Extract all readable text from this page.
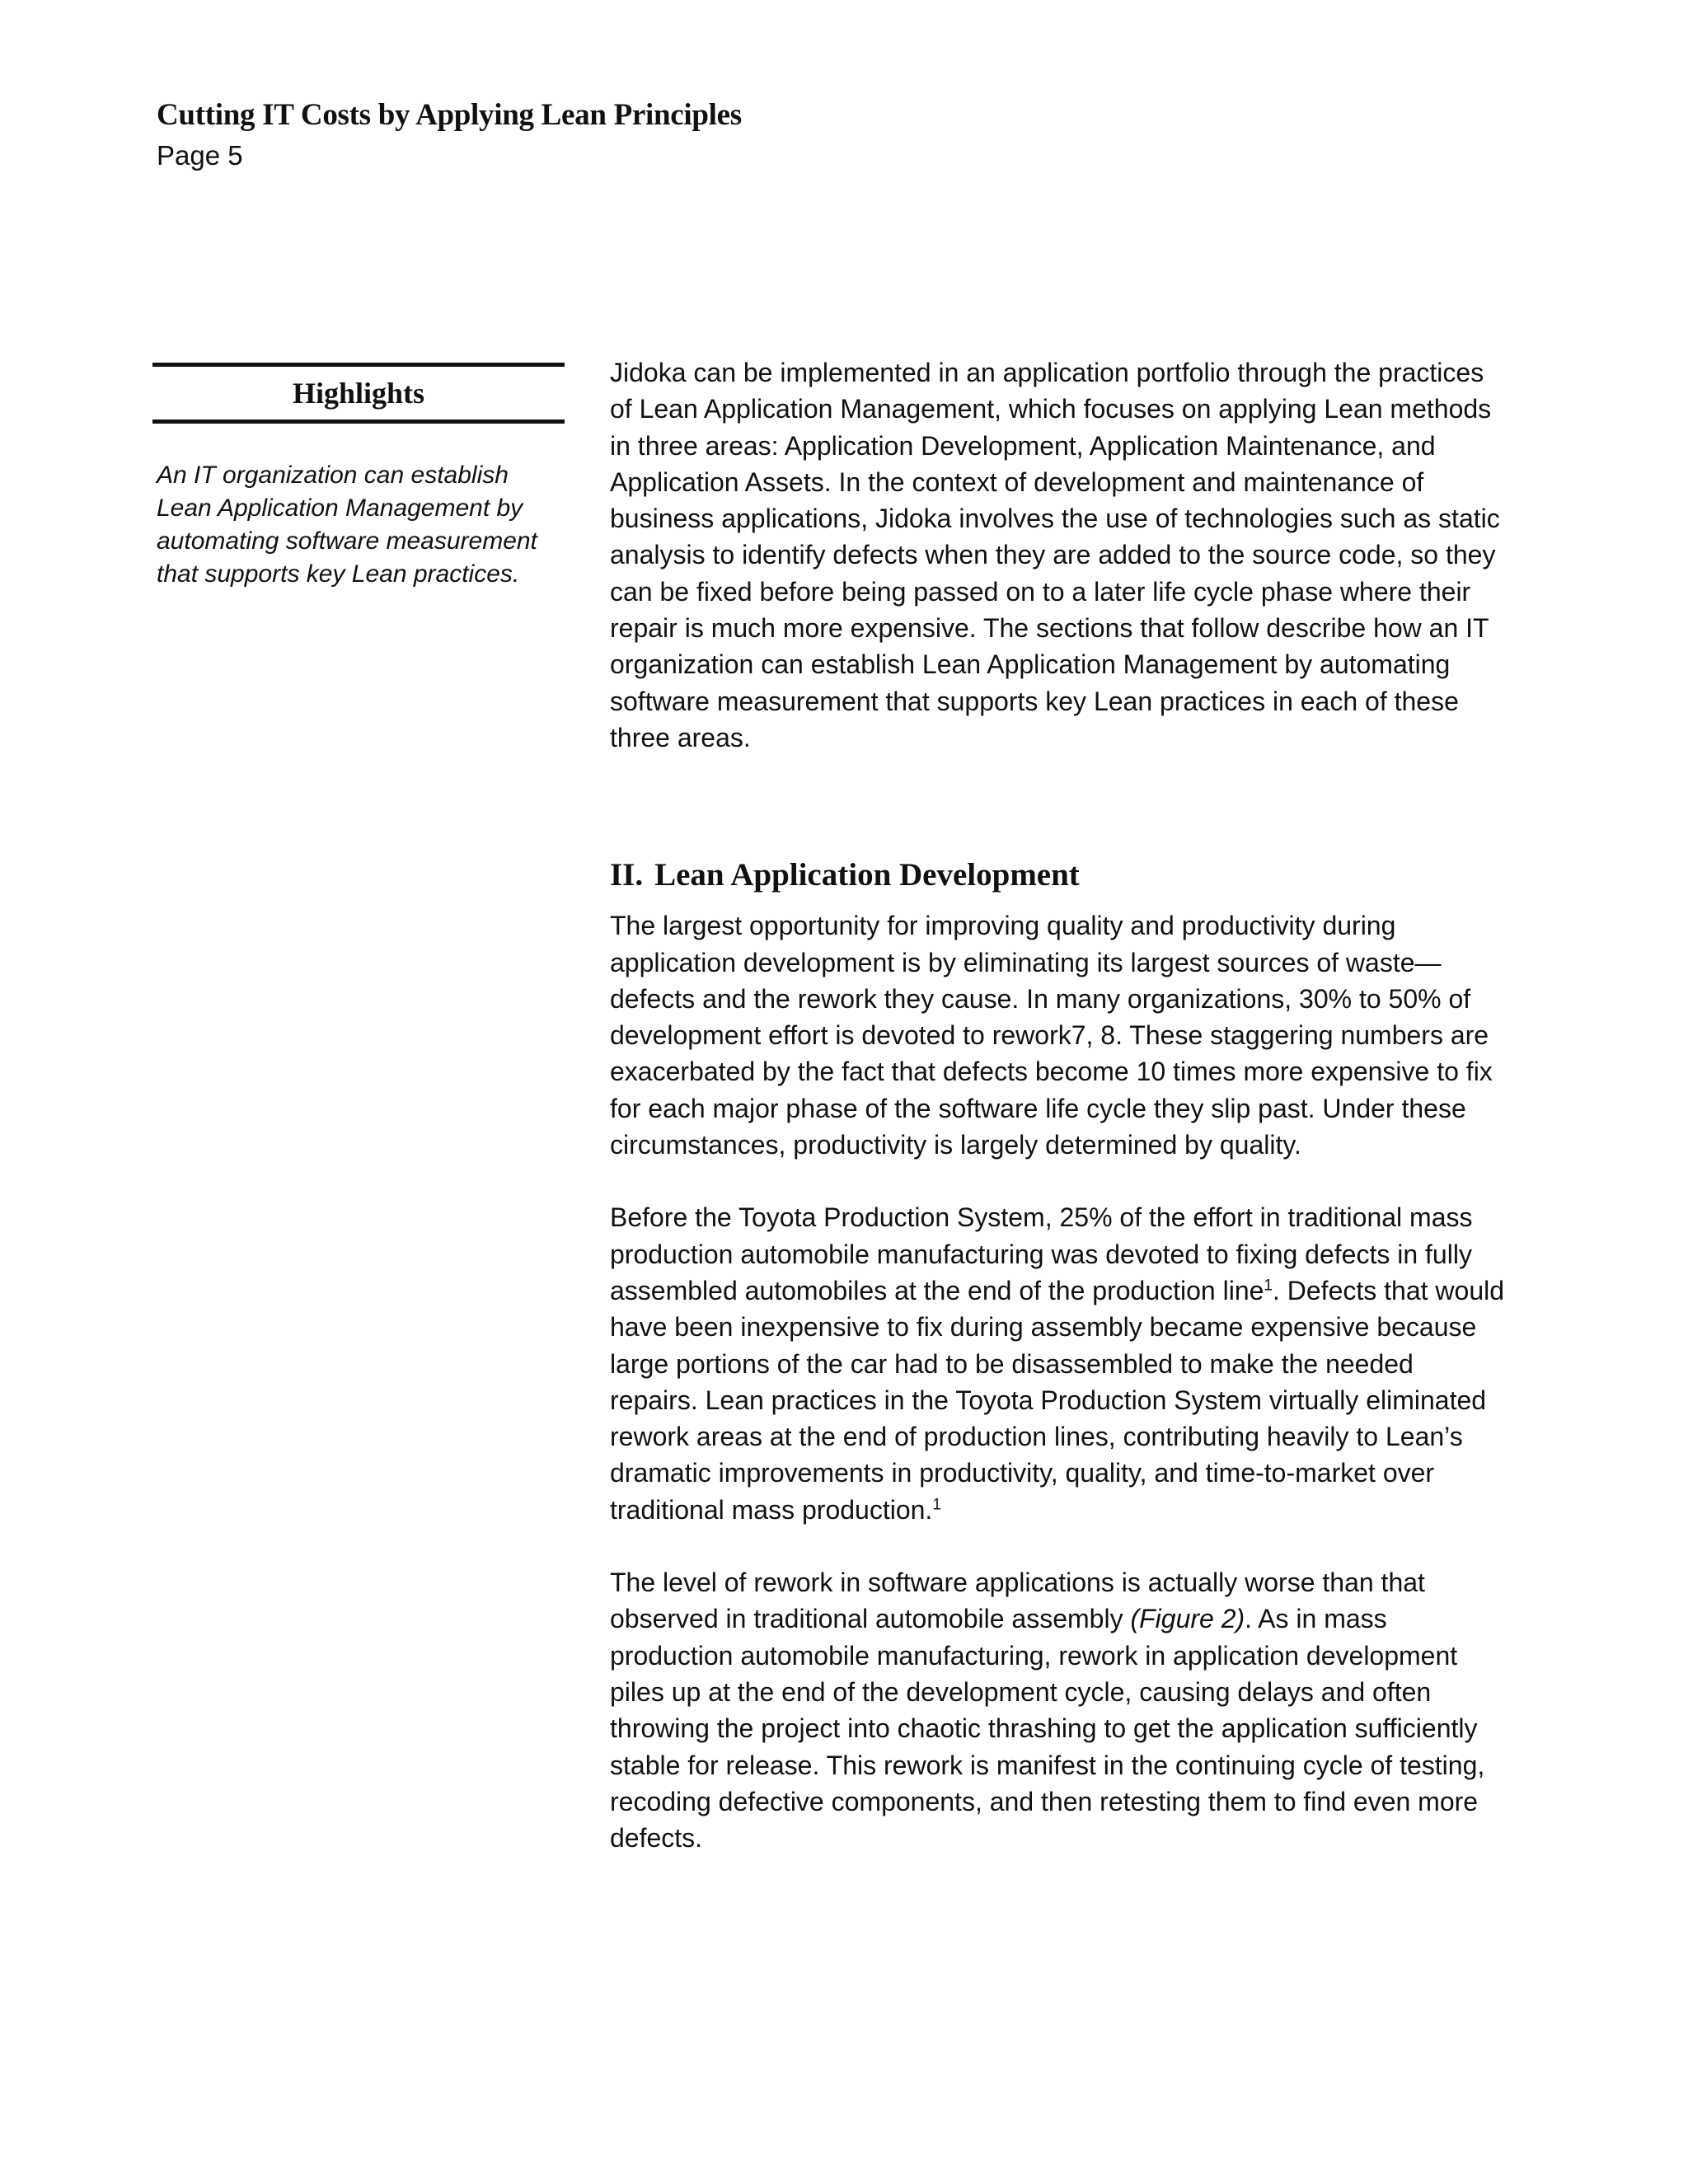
Cutting IT Costs by Applying Lean Principles
Page 5
Highlights
An IT organization can establish Lean Application Management by automating software measurement that supports key Lean practices.

Jidoka can be implemented in an application portfolio through the practices of Lean Application Management, which focuses on applying Lean methods in three areas: Application Development, Application Maintenance, and Application Assets. In the context of development and maintenance of business applications, Jidoka involves the use of technologies such as static analysis to identify defects when they are added to the source code, so they can be fixed before being passed on to a later life cycle phase where their repair is much more expensive. The sections that follow describe how an IT organization can establish Lean Application Management by automating software measurement that supports key Lean practices in each of these three areas.

II. Lean Application Development

The largest opportunity for improving quality and productivity during application development is by eliminating its largest sources of waste—defects and the rework they cause. In many organizations, 30% to 50% of development effort is devoted to rework7, 8. These staggering numbers are exacerbated by the fact that defects become 10 times more expensive to fix for each major phase of the software life cycle they slip past. Under these circumstances, productivity is largely determined by quality.

Before the Toyota Production System, 25% of the effort in traditional mass production automobile manufacturing was devoted to fixing defects in fully assembled automobiles at the end of the production line$^1$. Defects that would have been inexpensive to fix during assembly became expensive because large portions of the car had to be disassembled to make the needed repairs. Lean practices in the Toyota Production System virtually eliminated rework areas at the end of production lines, contributing heavily to Lean’s dramatic improvements in productivity, quality, and time-to-market over traditional mass production.$^1$

The level of rework in software applications is actually worse than that observed in traditional automobile assembly (Figure 2). As in mass production automobile manufacturing, rework in application development piles up at the end of the development cycle, causing delays and often throwing the project into chaotic thrashing to get the application sufficiently stable for release. This rework is manifest in the continuing cycle of testing, recoding defective components, and then retesting them to find even more defects.
